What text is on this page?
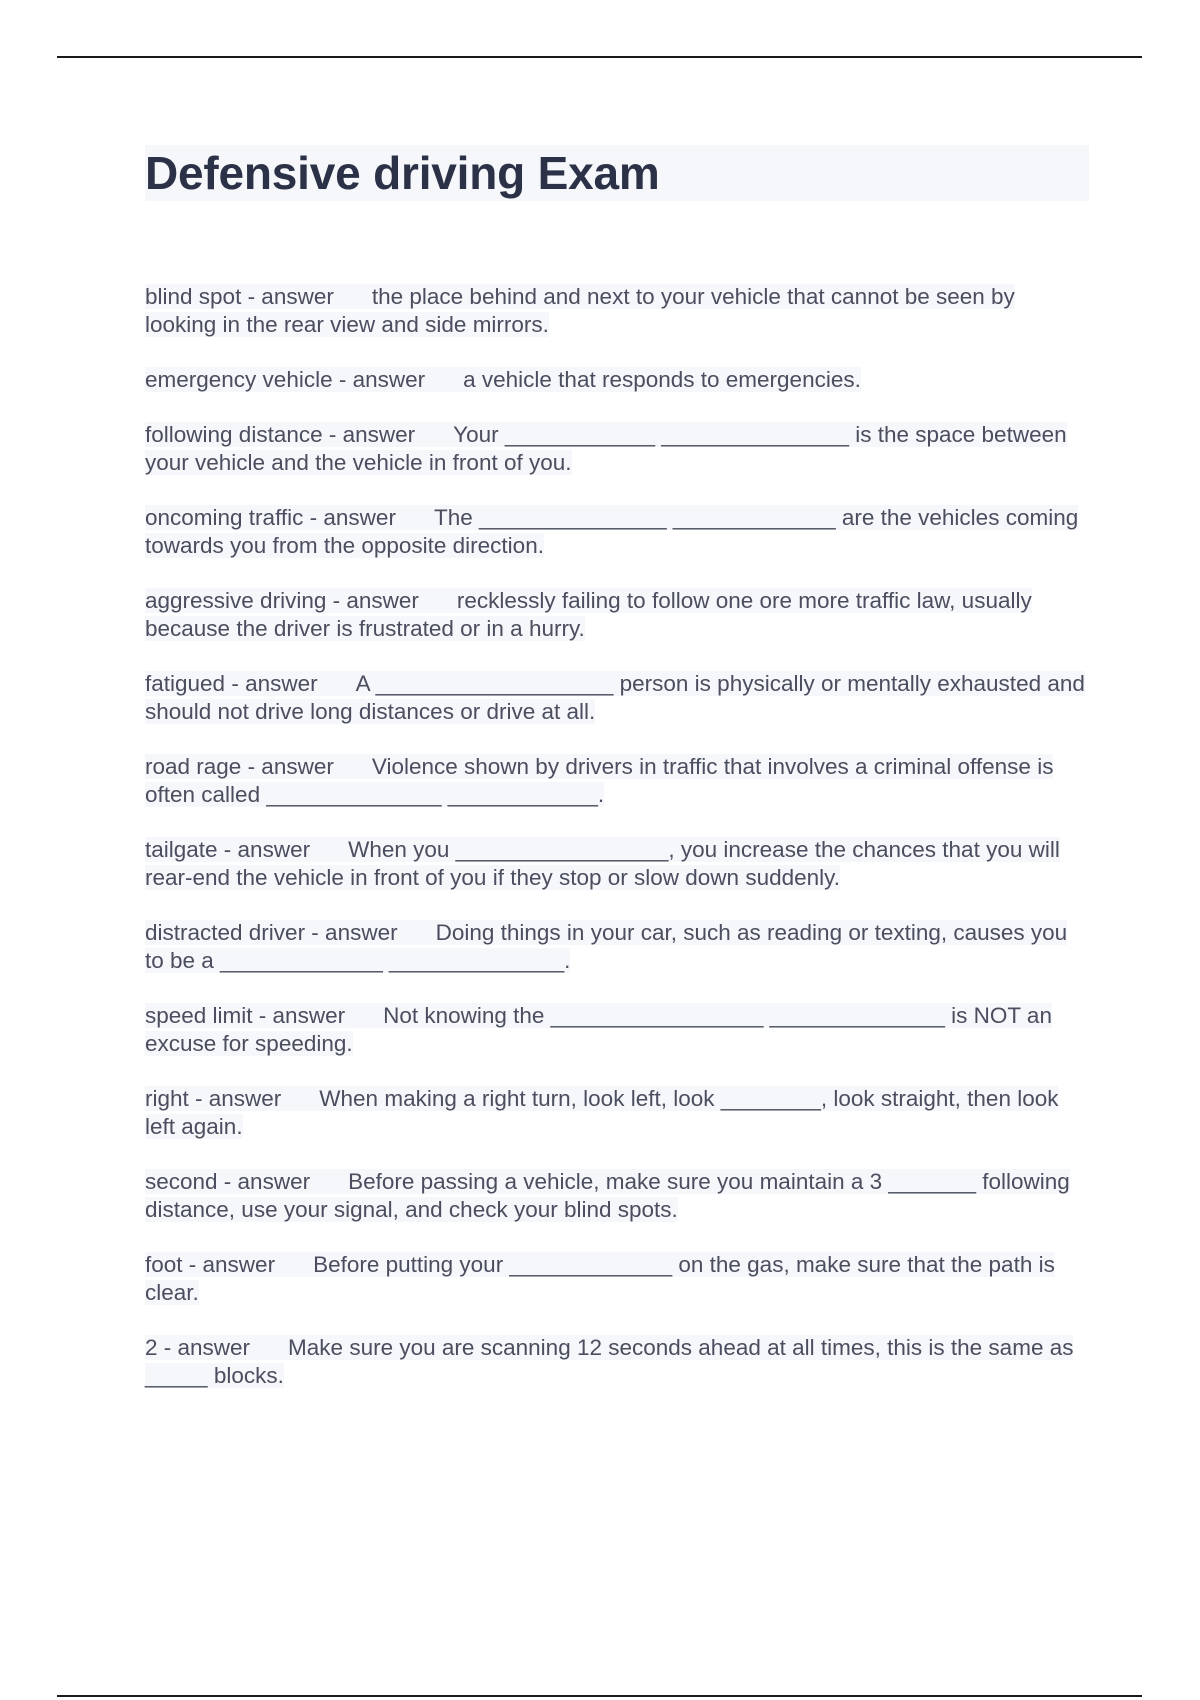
Defensive driving Exam
blind spot - answer the place behind and next to your vehicle that cannot be seen by looking in the rear view and side mirrors.
emergency vehicle - answer a vehicle that responds to emergencies.
following distance - answer Your ____________ _______________ is the space between your vehicle and the vehicle in front of you.
oncoming traffic - answer The _______________ _____________ are the vehicles coming towards you from the opposite direction.
aggressive driving - answer recklessly failing to follow one ore more traffic law, usually because the driver is frustrated or in a hurry.
fatigued - answer A ___________________ person is physically or mentally exhausted and should not drive long distances or drive at all.
road rage - answer Violence shown by drivers in traffic that involves a criminal offense is often called ______________ ____________.
tailgate - answer When you _________________, you increase the chances that you will rear-end the vehicle in front of you if they stop or slow down suddenly.
distracted driver - answer Doing things in your car, such as reading or texting, causes you to be a _____________ ______________.
speed limit - answer Not knowing the _________________ ______________ is NOT an excuse for speeding.
right - answer When making a right turn, look left, look ________, look straight, then look left again.
second - answer Before passing a vehicle, make sure you maintain a 3 _______ following distance, use your signal, and check your blind spots.
foot - answer Before putting your _____________ on the gas, make sure that the path is clear.
2 - answer Make sure you are scanning 12 seconds ahead at all times, this is the same as _____ blocks.
